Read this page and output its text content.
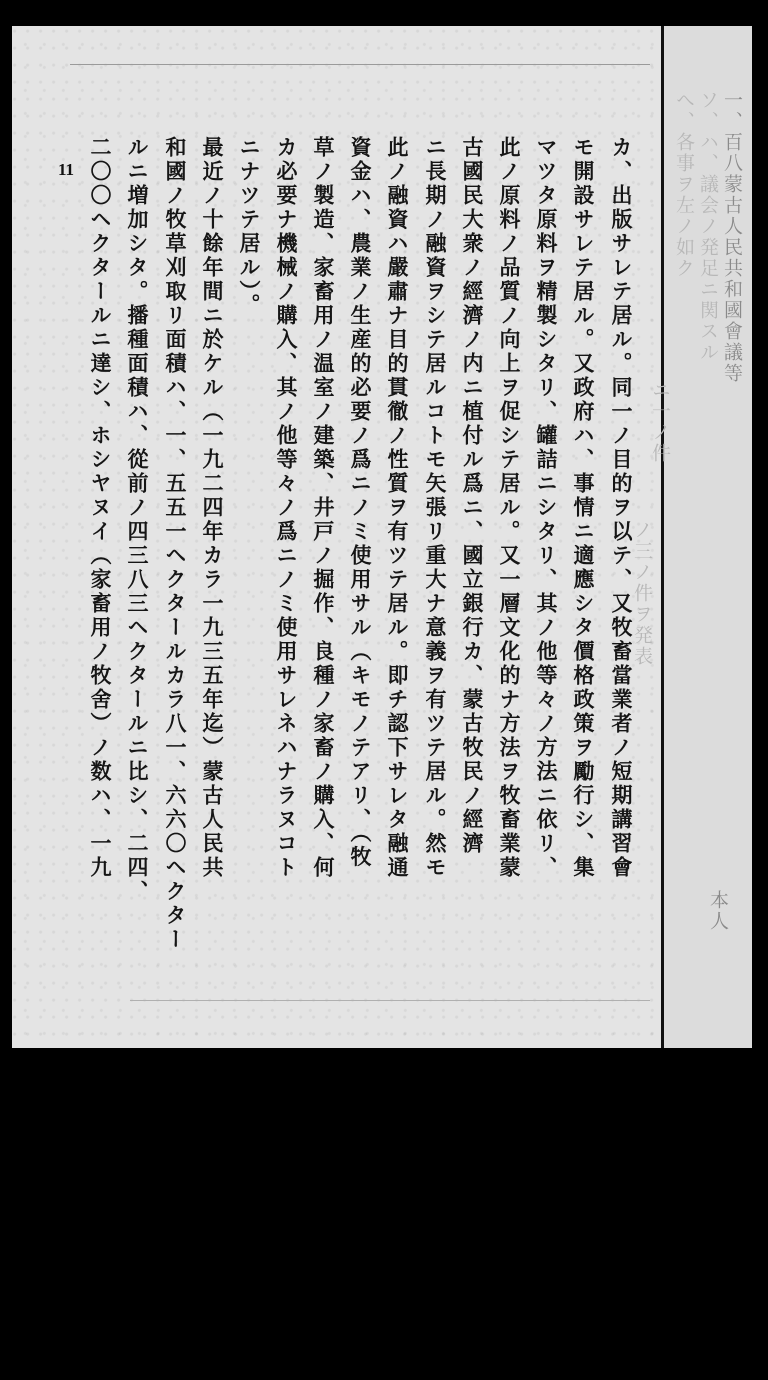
11	カ、出版サレテ居ル。同一ノ目的ヲ以テ、又牧畜當業者ノ短期講習會
モ開設サレテ居ル。又政府ハ、事情ニ適應シタ價格政策ヲ勵行シ、集
マツタ原料ヲ精製シタリ、罐詰ニシタリ、其ノ他等々ノ方法ニ依リ、
此ノ原料ノ品質ノ向上ヲ促シテ居ル。又一層文化的ナ方法ヲ牧畜業蒙
古國民大衆ノ經濟ノ内ニ植付ル爲ニ、國立銀行カ、蒙古牧民ノ經濟
ニ長期ノ融資ヲシテ居ルコトモ矢張リ重大ナ意義ヲ有ツテ居ル。然モ
此ノ融資ハ嚴肅ナ目的貫徹ノ性質ヲ有ツテ居ル。即チ認下サレタ融通
資金ハ、農業ノ生産的必要ノ爲ニノミ使用サル（キモノテアリ、（牧
草ノ製造、家畜用ノ温室ノ建築、井戸ノ掘作、良種ノ家畜ノ購入、何
カ必要ナ機械ノ購入、其ノ他等々ノ爲ニノミ使用サレネハナラヌコト
ニナツテ居ル）。
最近ノ十餘年間ニ於ケル（一九二四年カラ一九三五年迄）蒙古人民共
和國ノ牧草刈取リ面積ハ、一、五五一ヘクタールカラ八一、六六〇ヘクター
ルニ増加シタ。播種面積ハ、從前ノ四三八三ヘクタールニ比シ、二四、
二〇〇ヘクタールニ達シ、ホシヤヌイ（家畜用ノ牧舍）ノ数ハ、一九	一、百八蒙古人民共和國會議等
ソ、ハ、議会ノ発足ニ関スル
へ、各事ヲ左ノ如ク
ニ一ノ件
ノ三ノ件ヲ発表
本人
